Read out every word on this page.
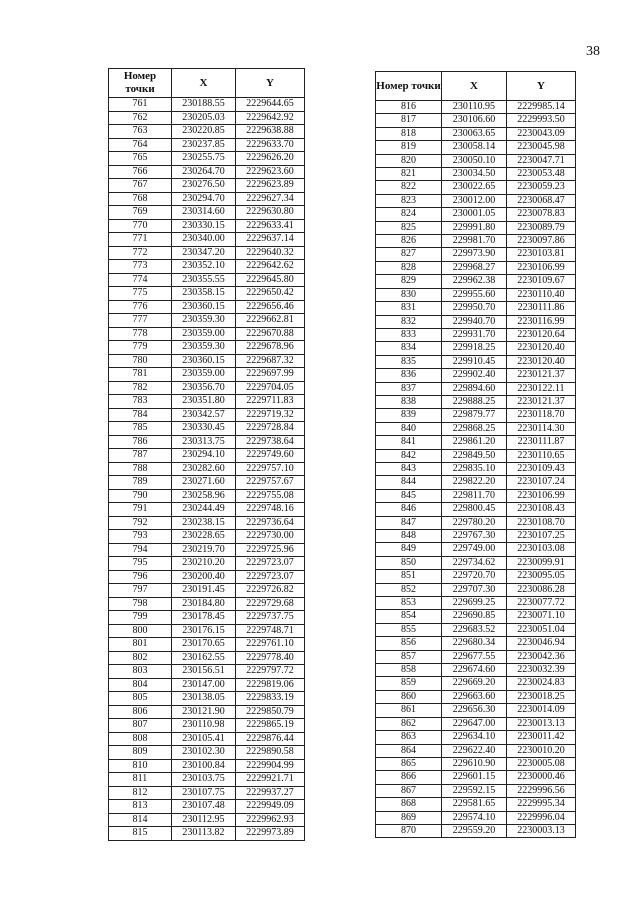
38
Номер точки	X	Y
761	230188.55	2229644.65
762	230205.03	2229642.92
763	230220.85	2229638.88
764	230237.85	2229633.70
765	230255.75	2229626.20
766	230264.70	2229623.60
767	230276.50	2229623.89
768	230294.70	2229627.34
769	230314.60	2229630.80
770	230330.15	2229633.41
771	230340.00	2229637.14
772	230347.20	2229640.32
773	230352.10	2229642.62
774	230355.55	2229645.80
775	230358.15	2229650.42
776	230360.15	2229656.46
777	230359.30	2229662.81
778	230359.00	2229670.88
779	230359.30	2229678.96
780	230360.15	2229687.32
781	230359.00	2229697.99
782	230356.70	2229704.05
783	230351.80	2229711.83
784	230342.57	2229719.32
785	230330.45	2229728.84
786	230313.75	2229738.64
787	230294.10	2229749.60
788	230282.60	2229757.10
789	230271.60	2229757.67
790	230258.96	2229755.08
791	230244.49	2229748.16
792	230238.15	2229736.64
793	230228.65	2229730.00
794	230219.70	2229725.96
795	230210.20	2229723.07
796	230200.40	2229723.07
797	230191.45	2229726.82
798	230184.80	2229729.68
799	230178.45	2229737.75
800	230176.15	2229748.71
801	230170.65	2229761.10
802	230162.55	2229778.40
803	230156.51	2229797.72
804	230147.00	2229819.06
805	230138.05	2229833.19
806	230121.90	2229850.79
807	230110.98	2229865.19
808	230105.41	2229876.44
809	230102.30	2229890.58
810	230100.84	2229904.99
811	230103.75	2229921.71
812	230107.75	2229937.27
813	230107.48	2229949.09
814	230112.95	2229962.93
815	230113.82	2229973.89
Номер точки	X	Y
816	230110.95	2229985.14
817	230106.60	2229993.50
818	230063.65	2230043.09
819	230058.14	2230045.98
820	230050.10	2230047.71
821	230034.50	2230053.48
822	230022.65	2230059.23
823	230012.00	2230068.47
824	230001.05	2230078.83
825	229991.80	2230089.79
826	229981.70	2230097.86
827	229973.90	2230103.81
828	229968.27	2230106.99
829	229962.38	2230109.67
830	229955.60	2230110.40
831	229950.70	2230111.86
832	229940.70	2230116.99
833	229931.70	2230120.64
834	229918.25	2230120.40
835	229910.45	2230120.40
836	229902.40	2230121.37
837	229894.60	2230122.11
838	229888.25	2230121.37
839	229879.77	2230118.70
840	229868.25	2230114.30
841	229861.20	2230111.87
842	229849.50	2230110.65
843	229835.10	2230109.43
844	229822.20	2230107.24
845	229811.70	2230106.99
846	229800.45	2230108.43
847	229780.20	2230108.70
848	229767.30	2230107.25
849	229749.00	2230103.08
850	229734.62	2230099.91
851	229720.70	2230095.05
852	229707.30	2230086.28
853	229699.25	2230077.72
854	229690.85	2230071.10
855	229683.52	2230051.04
856	229680.34	2230046.94
857	229677.55	2230042.36
858	229674.60	2230032.39
859	229669.20	2230024.83
860	229663.60	2230018.25
861	229656.30	2230014.09
862	229647.00	2230013.13
863	229634.10	2230011.42
864	229622.40	2230010.20
865	229610.90	2230005.08
866	229601.15	2230000.46
867	229592.15	2229996.56
868	229581.65	2229995.34
869	229574.10	2229996.04
870	229559.20	2230003.13
